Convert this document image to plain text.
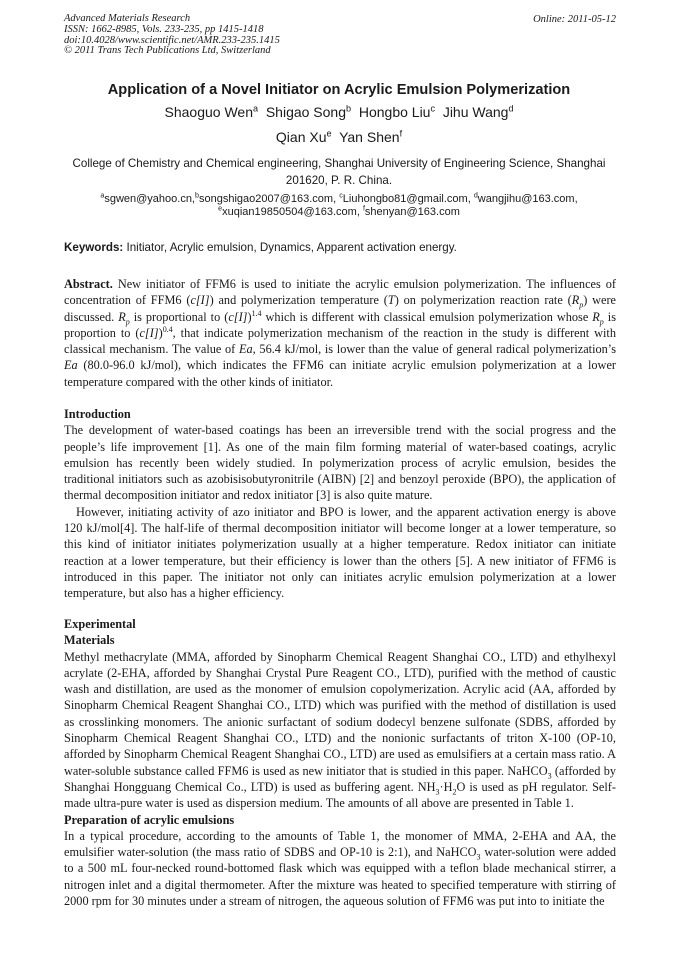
Advanced Materials Research
ISSN: 1662-8985, Vols. 233-235, pp 1415-1418
doi:10.4028/www.scientific.net/AMR.233-235.1415
© 2011 Trans Tech Publications Ltd, Switzerland
Online: 2011-05-12
Application of a Novel Initiator on Acrylic Emulsion Polymerization
Shaoguo Wen$^a$ Shigao Song$^b$ Hongbo Liu$^c$ Jihu Wang$^d$
Qian Xu$^e$ Yan Shen$^f$
College of Chemistry and Chemical engineering, Shanghai University of Engineering Science, Shanghai
201620, P. R. China.
$^a$sgwen@yahoo.cn,$^b$songshigao2007@163.com, $^c$Liuhongbo81@gmail.com, $^d$wangjihu@163.com,
$^e$xuqian19850504@163.com, $^f$shenyan@163.com
Keywords: Initiator, Acrylic emulsion, Dynamics, Apparent activation energy.

Abstract. New initiator of FFM6 is used to initiate the acrylic emulsion polymerization. The influences of concentration of FFM6 (c[I]) and polymerization temperature (T) on polymerization reaction rate $(R_p)$ were discussed. $R_p$ is proportional to $(c[I])^{1.4}$ which is different with classical emulsion polymerization whose $R_p$ is proportion to $(c[I])^{0.4}$, that indicate polymerization mechanism of the reaction in the study is different with classical mechanism. The value of Ea, 56.4 kJ/mol, is lower than the value of general radical polymerization’s Ea (80.0-96.0 kJ/mol), which indicates the FFM6 can initiate acrylic emulsion polymerization at a lower temperature compared with the other kinds of initiator.

Introduction

The development of water-based coatings has been an irreversible trend with the social progress and the people’s life improvement [1]. As one of the main film forming material of water-based coatings, acrylic emulsion has recently been widely studied. In polymerization process of acrylic emulsion, besides the traditional initiators such as azobisisobutyronitrile (AIBN) [2] and benzoyl peroxide (BPO), the application of thermal decomposition initiator and redox initiator [3] is also quite mature.

However, initiating activity of azo initiator and BPO is lower, and the apparent activation energy is above 120 kJ/mol[4]. The half-life of thermal decomposition initiator will become longer at a lower temperature, so this kind of initiator initiates polymerization usually at a higher temperature. Redox initiator can initiate reaction at a lower temperature, but their efficiency is lower than the others [5]. A new initiator of FFM6 is introduced in this paper. The initiator not only can initiates acrylic emulsion polymerization at a lower temperature, but also has a higher efficiency.

Experimental

Materials

Methyl methacrylate (MMA, afforded by Sinopharm Chemical Reagent Shanghai CO., LTD) and ethylhexyl acrylate (2-EHA, afforded by Shanghai Crystal Pure Reagent CO., LTD), purified with the method of caustic wash and distillation, are used as the monomer of emulsion copolymerization. Acrylic acid (AA, afforded by Sinopharm Chemical Reagent Shanghai CO., LTD) which was purified with the method of distillation is used as crosslinking monomers. The anionic surfactant of sodium dodecyl benzene sulfonate (SDBS, afforded by Sinopharm Chemical Reagent Shanghai CO., LTD) and the nonionic surfactants of triton X-100 (OP-10, afforded by Sinopharm Chemical Reagent Shanghai CO., LTD) are used as emulsifiers at a certain mass ratio. A water-soluble substance called FFM6 is used as new initiator that is studied in this paper. NaHCO$_3$ (afforded by Shanghai Hongguang Chemical Co., LTD) is used as buffering agent. $NH_3\cdot H_2O$ is used as pH regulator. Self-made ultra-pure water is used as dispersion medium. The amounts of all above are presented in Table 1.

Preparation of acrylic emulsions

In a typical procedure, according to the amounts of Table 1, the monomer of MMA, 2-EHA and AA, the emulsifier water-solution (the mass ratio of SDBS and OP-10 is 2:1), and NaHCO$_3$ water-solution were added to a 500 mL four-necked round-bottomed flask which was equipped with a teflon blade mechanical stirrer, a nitrogen inlet and a digital thermometer. After the mixture was heated to specified temperature with stirring of 2000 rpm for 30 minutes under a stream of nitrogen, the aqueous solution of FFM6 was put into to initiate the
